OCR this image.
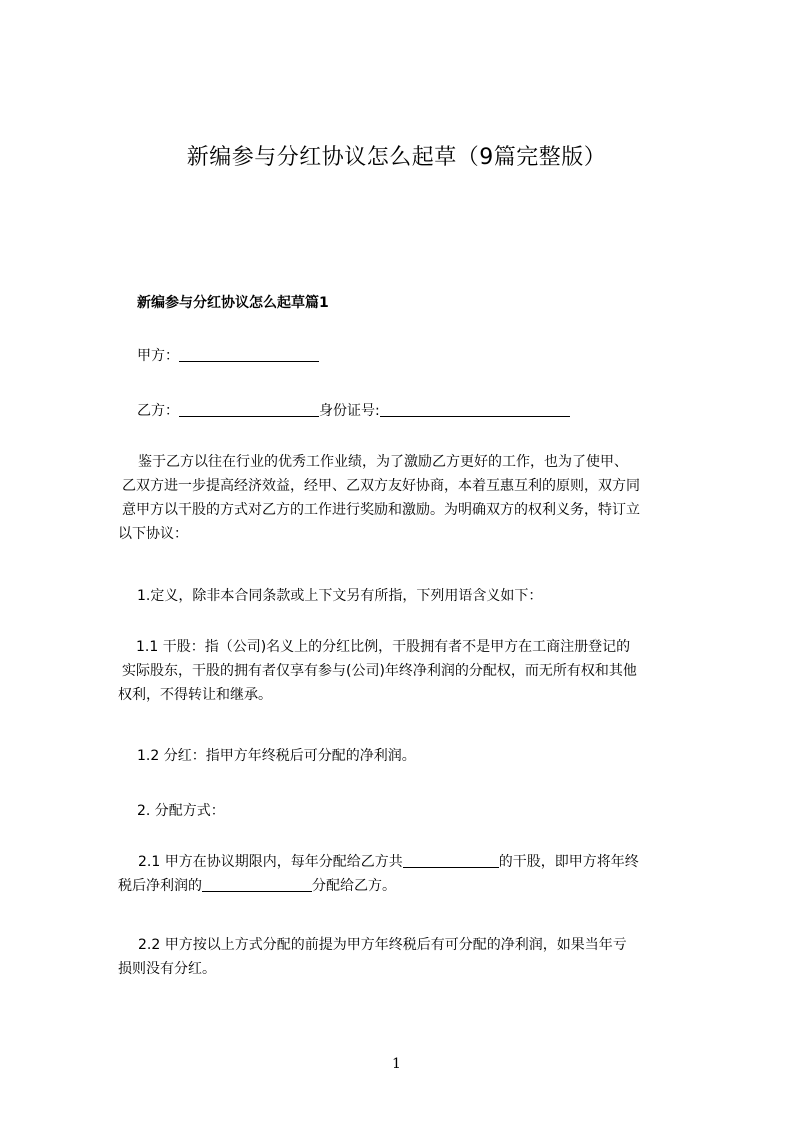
新编参与分红协议怎么起草（9篇完整版）
新编参与分红协议怎么起草篇1
甲方：
乙方：	身份证号:

鉴于乙方以往在行业的优秀工作业绩，为了激励乙方更好的工作，也为了使甲、

乙双方进一步提高经济效益，经甲、乙双方友好协商，本着互惠互利的原则，双方同

意甲方以干股的方式对乙方的工作进行奖励和激励。为明确双方的权利义务，特订立

以下协议：

1.定义，除非本合同条款或上下文另有所指，下列用语含义如下：

1.1 干股：指（公司)名义上的分红比例，干股拥有者不是甲方在工商注册登记的

实际股东，干股的拥有者仅享有参与(公司)年终净利润的分配权，而无所有权和其他

权利，不得转让和继承。

1.2 分红：指甲方年终税后可分配的净利润。
2. 分配方式：

2.1 甲方在协议期限内，每年分配给乙方共	的干股，即甲方将年终

税后净利润的	分配给乙方。

2.2 甲方按以上方式分配的前提为甲方年终税后有可分配的净利润，如果当年亏

损则没有分红。

1
